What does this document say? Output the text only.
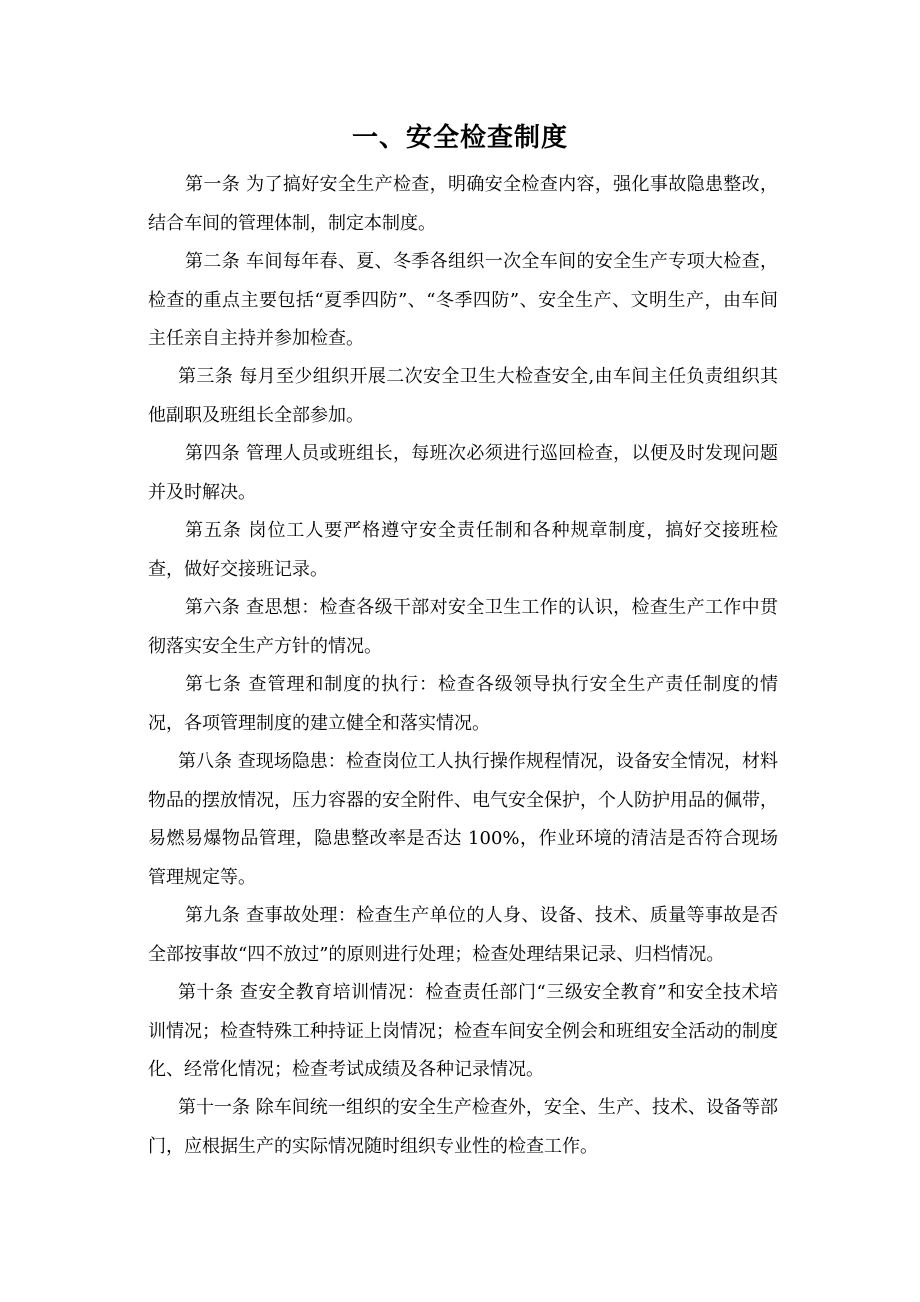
一、安全检查制度

第一条 为了搞好安全生产检查，明确安全检查内容，强化事故隐患整改，结合车间的管理体制，制定本制度。

第二条 车间每年春、夏、冬季各组织一次全车间的安全生产专项大检查，检查的重点主要包括“夏季四防”、“冬季四防”、安全生产、文明生产，由车间主任亲自主持并参加检查。

第三条 每月至少组织开展二次安全卫生大检查安全,由车间主任负责组织其他副职及班组长全部参加。

第四条 管理人员或班组长，每班次必须进行巡回检查，以便及时发现问题并及时解决。

第五条 岗位工人要严格遵守安全责任制和各种规章制度，搞好交接班检查，做好交接班记录。

第六条 查思想：检查各级干部对安全卫生工作的认识，检查生产工作中贯彻落实安全生产方针的情况。

第七条 查管理和制度的执行：检查各级领导执行安全生产责任制度的情况，各项管理制度的建立健全和落实情况。

第八条 查现场隐患：检查岗位工人执行操作规程情况，设备安全情况，材料物品的摆放情况，压力容器的安全附件、电气安全保护，个人防护用品的佩带，易燃易爆物品管理，隐患整改率是否达 100%，作业环境的清洁是否符合现场管理规定等。

第九条 查事故处理：检查生产单位的人身、设备、技术、质量等事故是否全部按事故“四不放过”的原则进行处理；检查处理结果记录、归档情况。

第十条 查安全教育培训情况：检查责任部门“三级安全教育”和安全技术培训情况；检查特殊工种持证上岗情况；检查车间安全例会和班组安全活动的制度化、经常化情况；检查考试成绩及各种记录情况。

第十一条 除车间统一组织的安全生产检查外，安全、生产、技术、设备等部门，应根据生产的实际情况随时组织专业性的检查工作。
